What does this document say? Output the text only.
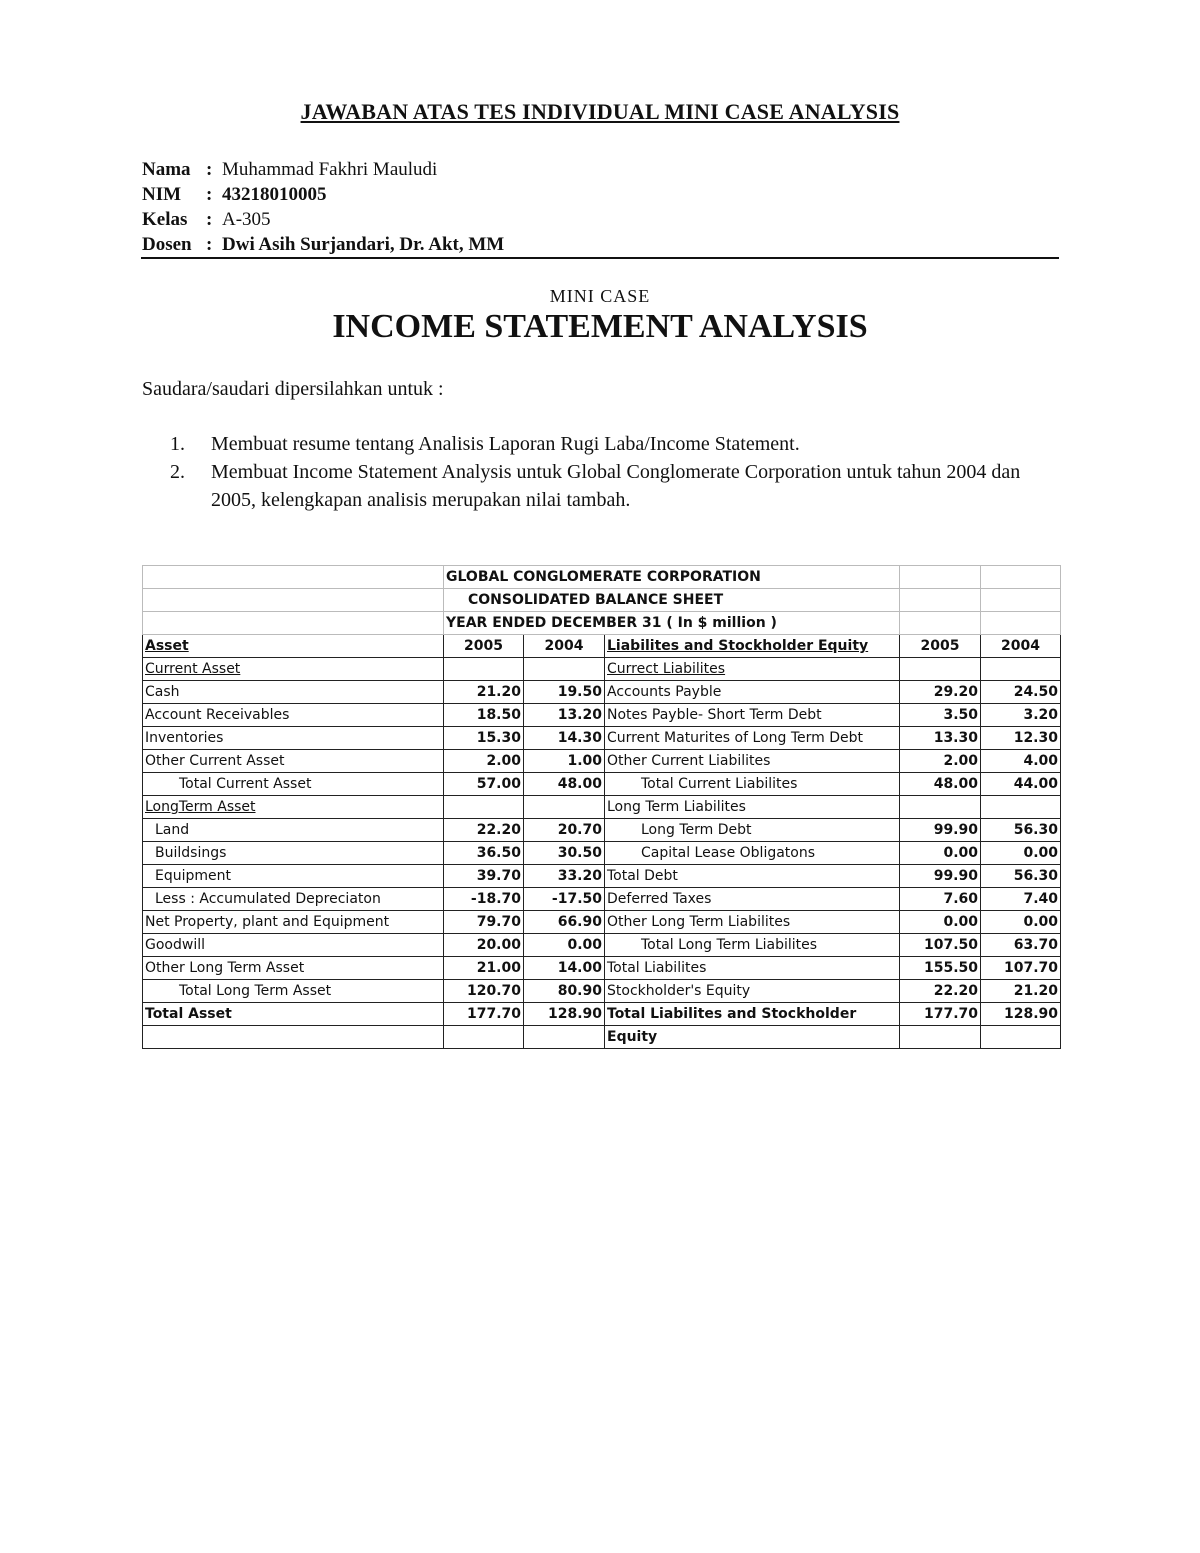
JAWABAN ATAS TES INDIVIDUAL MINI CASE ANALYSIS
Nama : Muhammad Fakhri Mauludi
NIM : 43218010005
Kelas : A-305
Dosen : Dwi Asih Surjandari, Dr. Akt, MM
MINI CASE
INCOME STATEMENT ANALYSIS
Saudara/saudari dipersilahkan untuk :
1. Membuat resume tentang Analisis Laporan Rugi Laba/Income Statement.
2. Membuat Income Statement Analysis untuk Global Conglomerate Corporation untuk tahun 2004 dan 2005, kelengkapan analisis merupakan nilai tambah.
	GLOBAL CONGLOMERATE CORPORATION				
	CONSOLIDATED BALANCE SHEET				
	YEAR ENDED DECEMBER 31 ( In $ million )				
Asset	2005	2004	Liabilites and Stockholder Equity	2005	2004
Current Asset			Currect Liabilites		
Cash	21.20	19.50	Accounts Payble	29.20	24.50
Account Receivables	18.50	13.20	Notes Payble- Short Term Debt	3.50	3.20
Inventories	15.30	14.30	Current Maturites of Long Term Debt	13.30	12.30
Other Current Asset	2.00	1.00	Other Current Liabilites	2.00	4.00
Total Current Asset	57.00	48.00	Total Current Liabilites	48.00	44.00
LongTerm Asset			Long Term Liabilites		
Land	22.20	20.70	Long Term Debt	99.90	56.30
Buildsings	36.50	30.50	Capital Lease Obligatons	0.00	0.00
Equipment	39.70	33.20	Total Debt	99.90	56.30
Less : Accumulated Depreciaton	-18.70	-17.50	Deferred Taxes	7.60	7.40
Net Property, plant and Equipment	79.70	66.90	Other Long Term Liabilites	0.00	0.00
Goodwill	20.00	0.00	Total Long Term Liabilites	107.50	63.70
Other Long Term Asset	21.00	14.00	Total Liabilites	155.50	107.70
Total Long Term Asset	120.70	80.90	Stockholder's Equity	22.20	21.20
Total Asset	177.70	128.90	Total Liabilites and Stockholder	177.70	128.90
			Equity		
